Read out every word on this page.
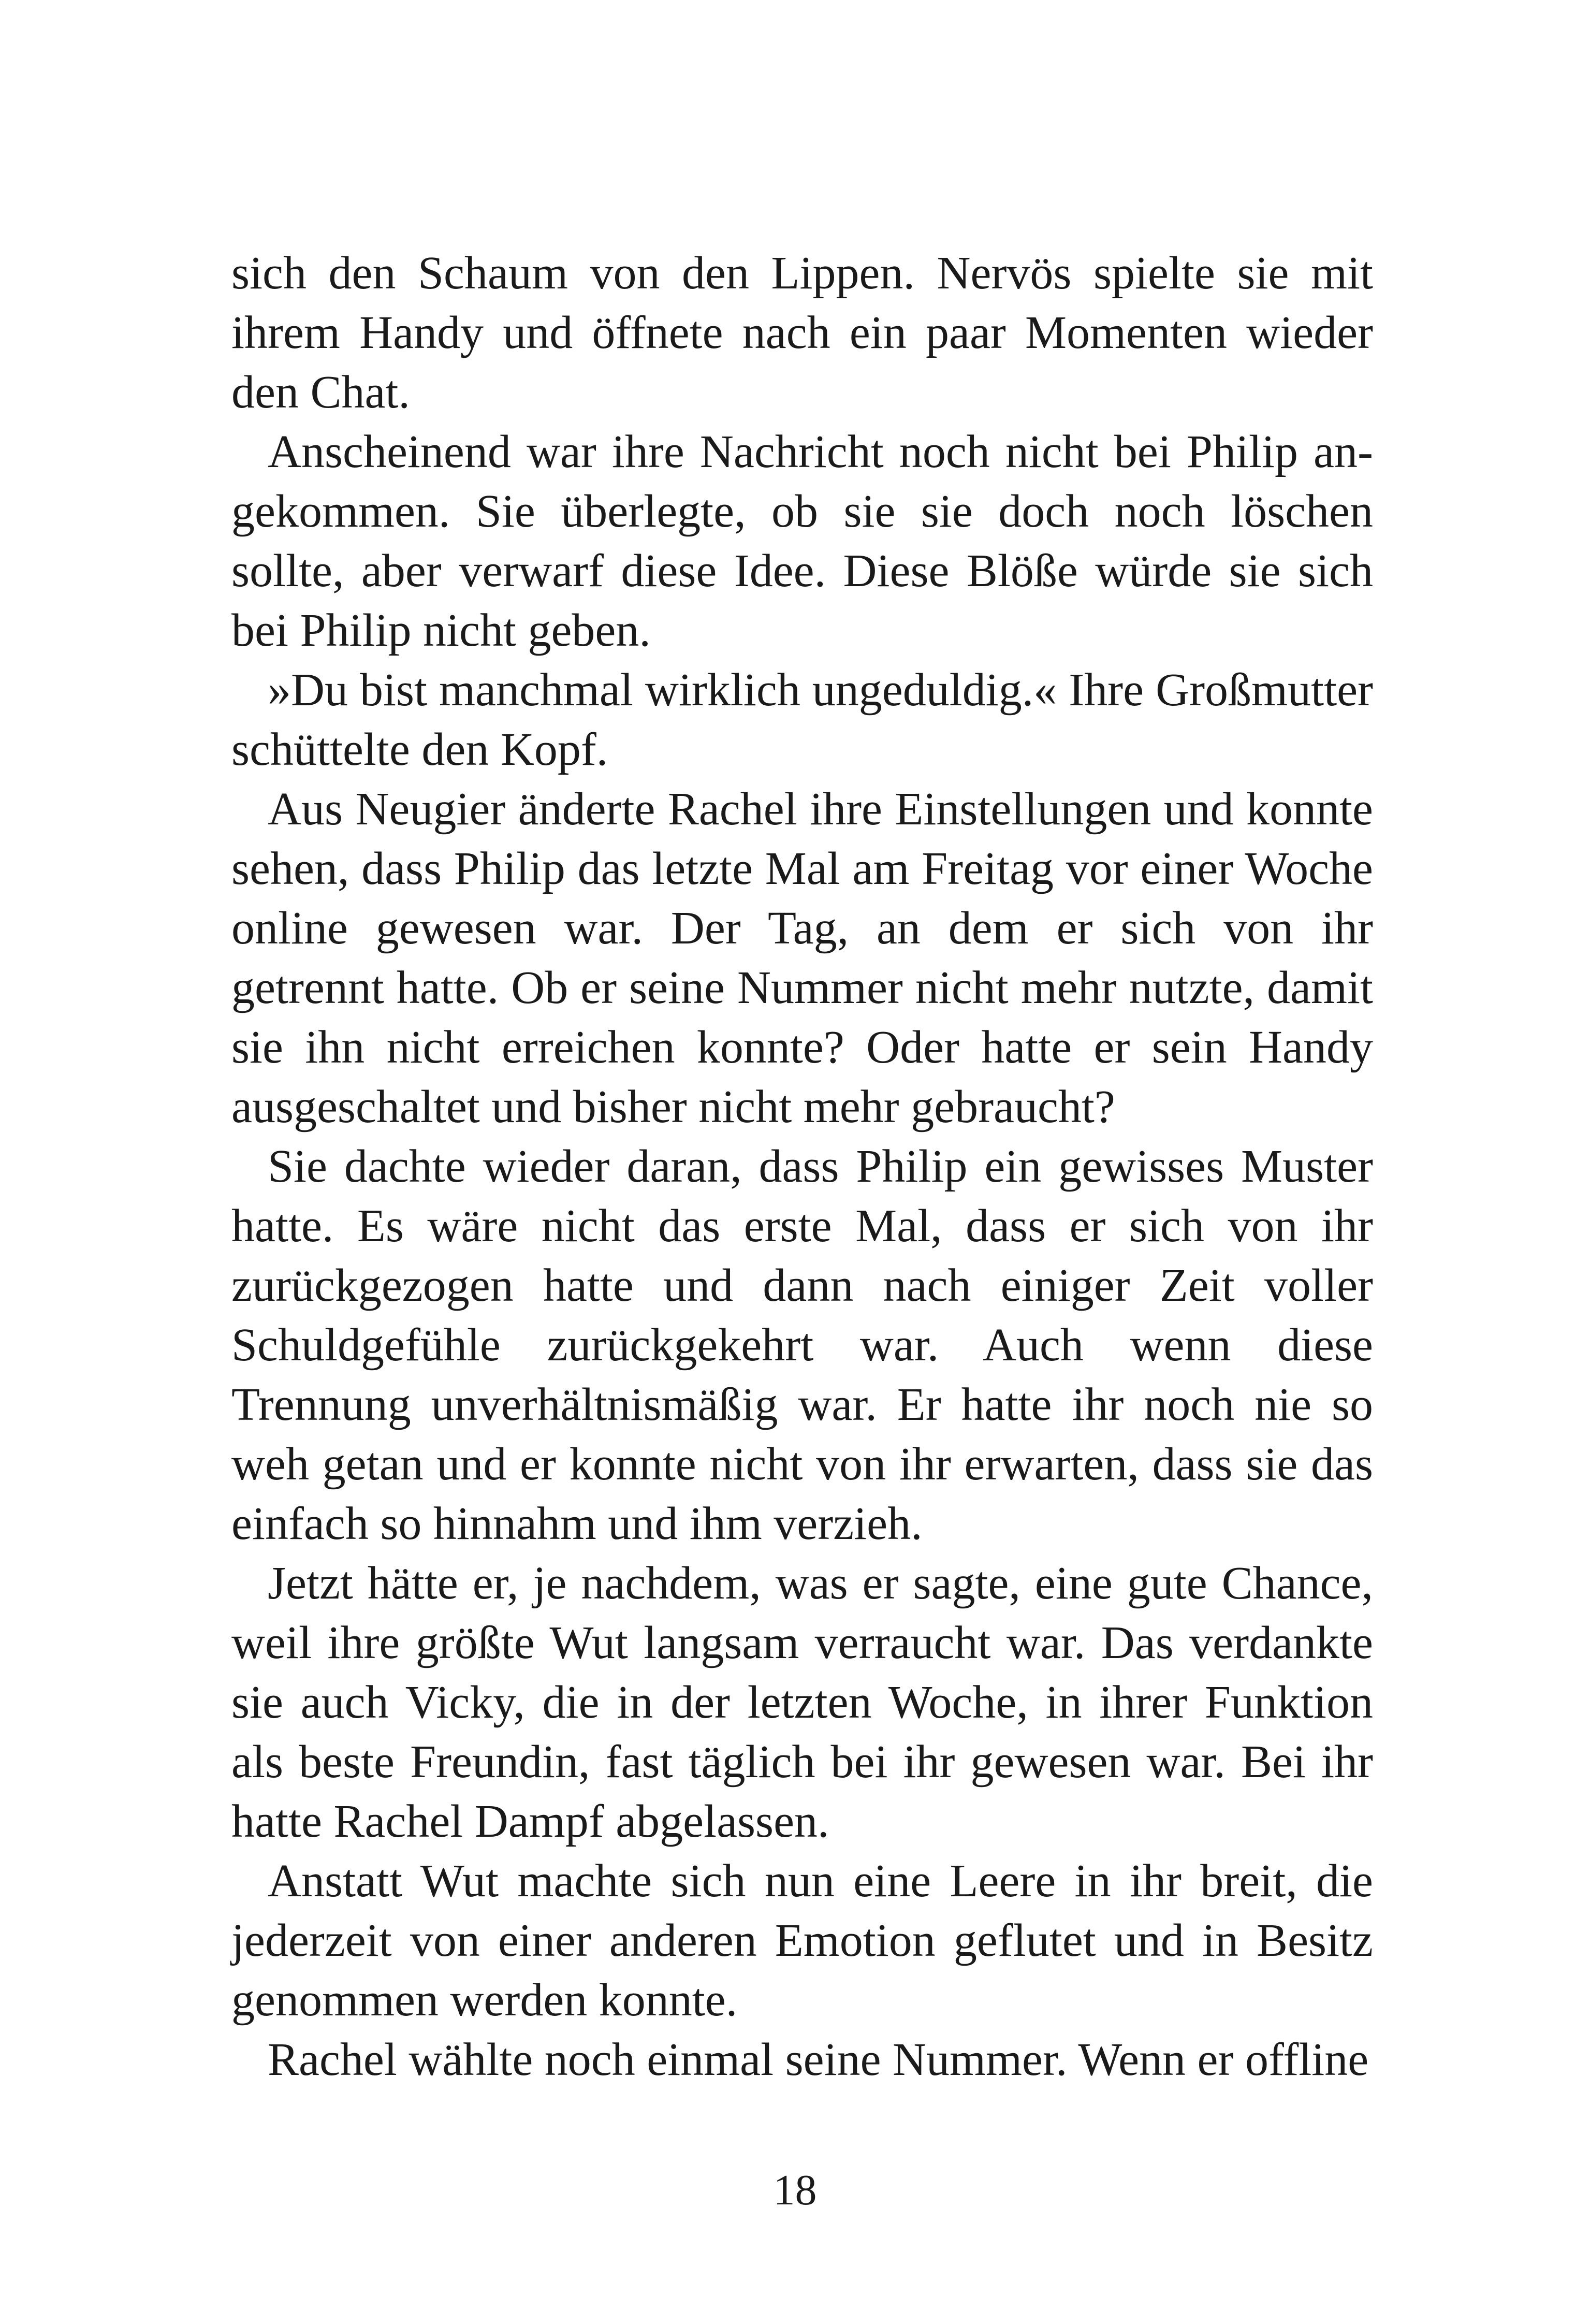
sich den Schaum von den Lippen. Nervös spielte sie mit ihrem Handy und öffnete nach ein paar Momenten wieder den Chat.

Anscheinend war ihre Nachricht noch nicht bei Philip angekommen. Sie überlegte, ob sie sie doch noch löschen sollte, aber verwarf diese Idee. Diese Blöße würde sie sich bei Philip nicht geben.

»Du bist manchmal wirklich ungeduldig.« Ihre Großmutter schüttelte den Kopf.

Aus Neugier änderte Rachel ihre Einstellungen und konnte sehen, dass Philip das letzte Mal am Freitag vor einer Woche online gewesen war. Der Tag, an dem er sich von ihr getrennt hatte. Ob er seine Nummer nicht mehr nutzte, damit sie ihn nicht erreichen konnte? Oder hatte er sein Handy ausgeschaltet und bisher nicht mehr gebraucht?

Sie dachte wieder daran, dass Philip ein gewisses Muster hatte. Es wäre nicht das erste Mal, dass er sich von ihr zurückgezogen hatte und dann nach einiger Zeit voller Schuldgefühle zurückgekehrt war. Auch wenn diese Trennung unverhältnismäßig war. Er hatte ihr noch nie so weh getan und er konnte nicht von ihr erwarten, dass sie das einfach so hinnahm und ihm verzieh.

Jetzt hätte er, je nachdem, was er sagte, eine gute Chance, weil ihre größte Wut langsam verraucht war. Das verdankte sie auch Vicky, die in der letzten Woche, in ihrer Funktion als beste Freundin, fast täglich bei ihr gewesen war. Bei ihr hatte Rachel Dampf abgelassen.

Anstatt Wut machte sich nun eine Leere in ihr breit, die jederzeit von einer anderen Emotion geflutet und in Besitz genommen werden konnte.

Rachel wählte noch einmal seine Nummer. Wenn er offline

18
